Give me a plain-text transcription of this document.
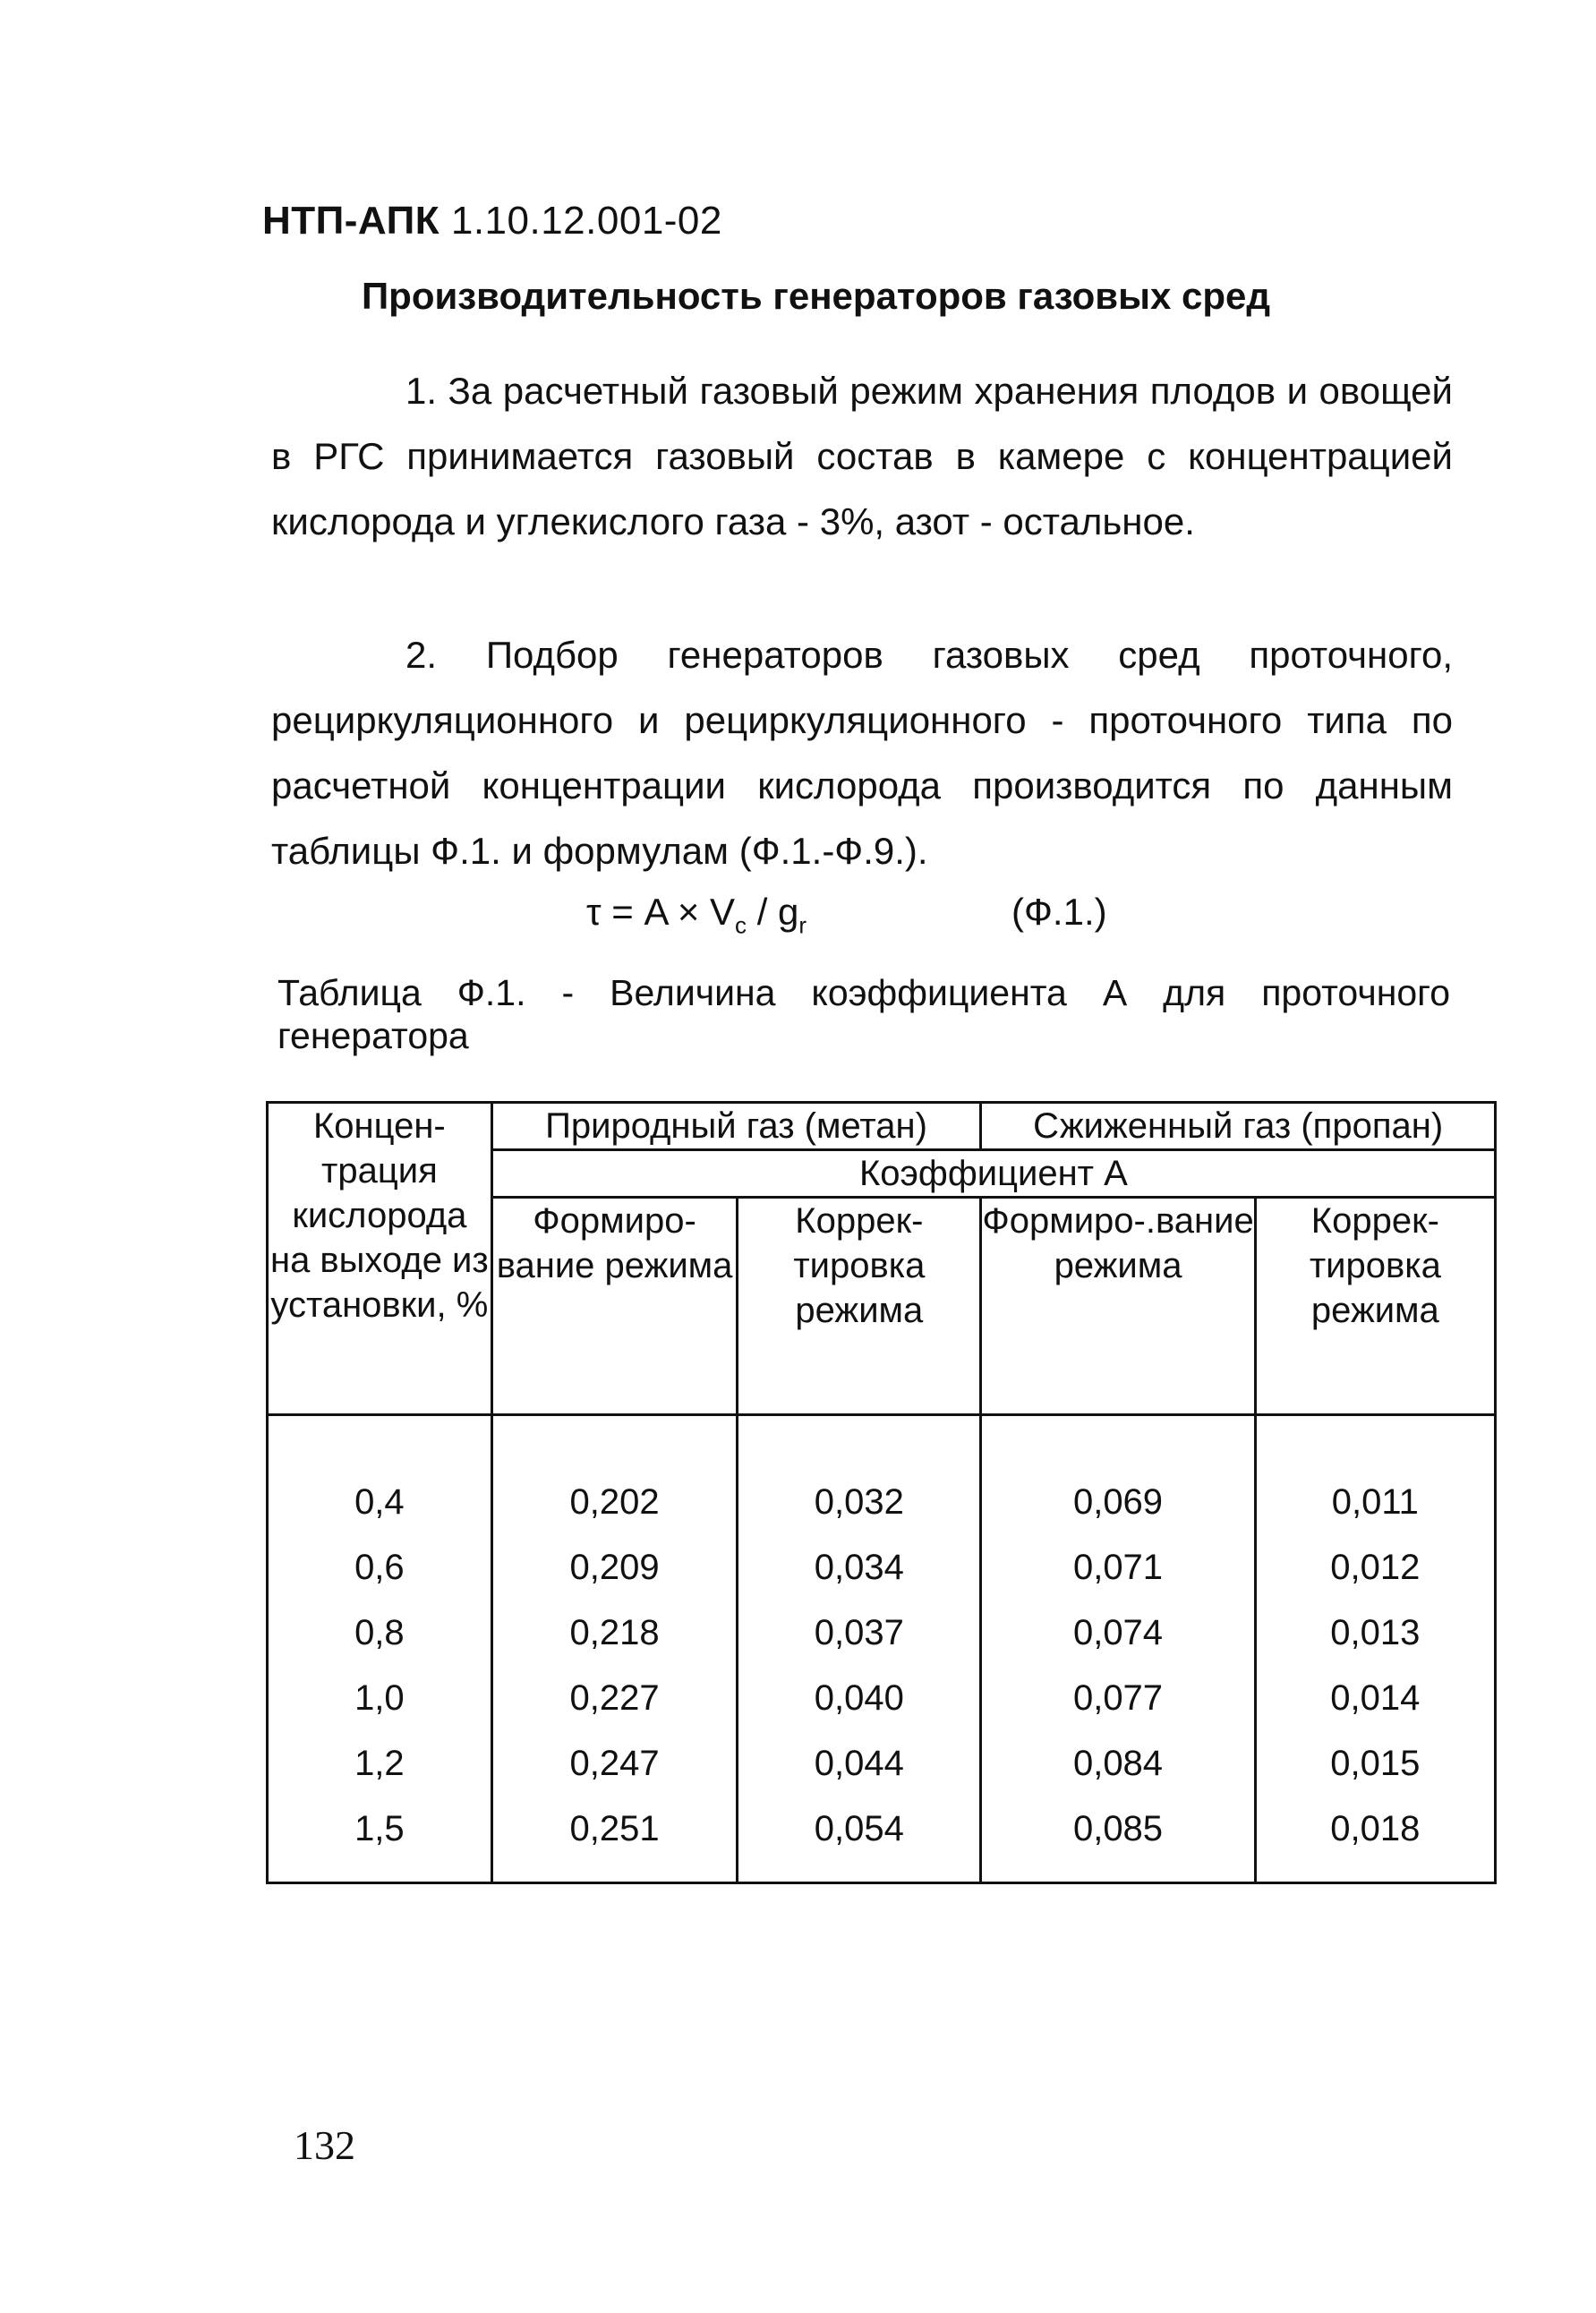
НТП-АПК 1.10.12.001-02
Производительность генераторов газовых сред
1. За расчетный газовый режим хранения плодов и овощей в РГС принимается газовый состав в камере с концентрацией кислорода и углекислого газа - 3%, азот - остальное.
2. Подбор генераторов газовых сред проточного, рециркуляционного и рециркуляционного - проточного типа по расчетной концентрации кислорода производится по данным таблицы Ф.1. и формулам (Ф.1.-Ф.9.).
$\tau = A \times V_c / g_r$	(Ф.1.)
Таблица Ф.1. - Величина коэффициента А для проточного
генератора
Концен-трация кислорода на выходе из установки, %	Природный газ (метан)		Сжиженный газ (пропан)	
	Коэффициент А			
	Формиро-вание режима	Коррек-тировка режима	Формиро-.вание режима	Коррек-тировка режима
0,4	0,202	0,032	0,069	0,011
0,6	0,209	0,034	0,071	0,012
0,8	0,218	0,037	0,074	0,013
1,0	0,227	0,040	0,077	0,014
1,2	0,247	0,044	0,084	0,015
1,5	0,251	0,054	0,085	0,018
132
